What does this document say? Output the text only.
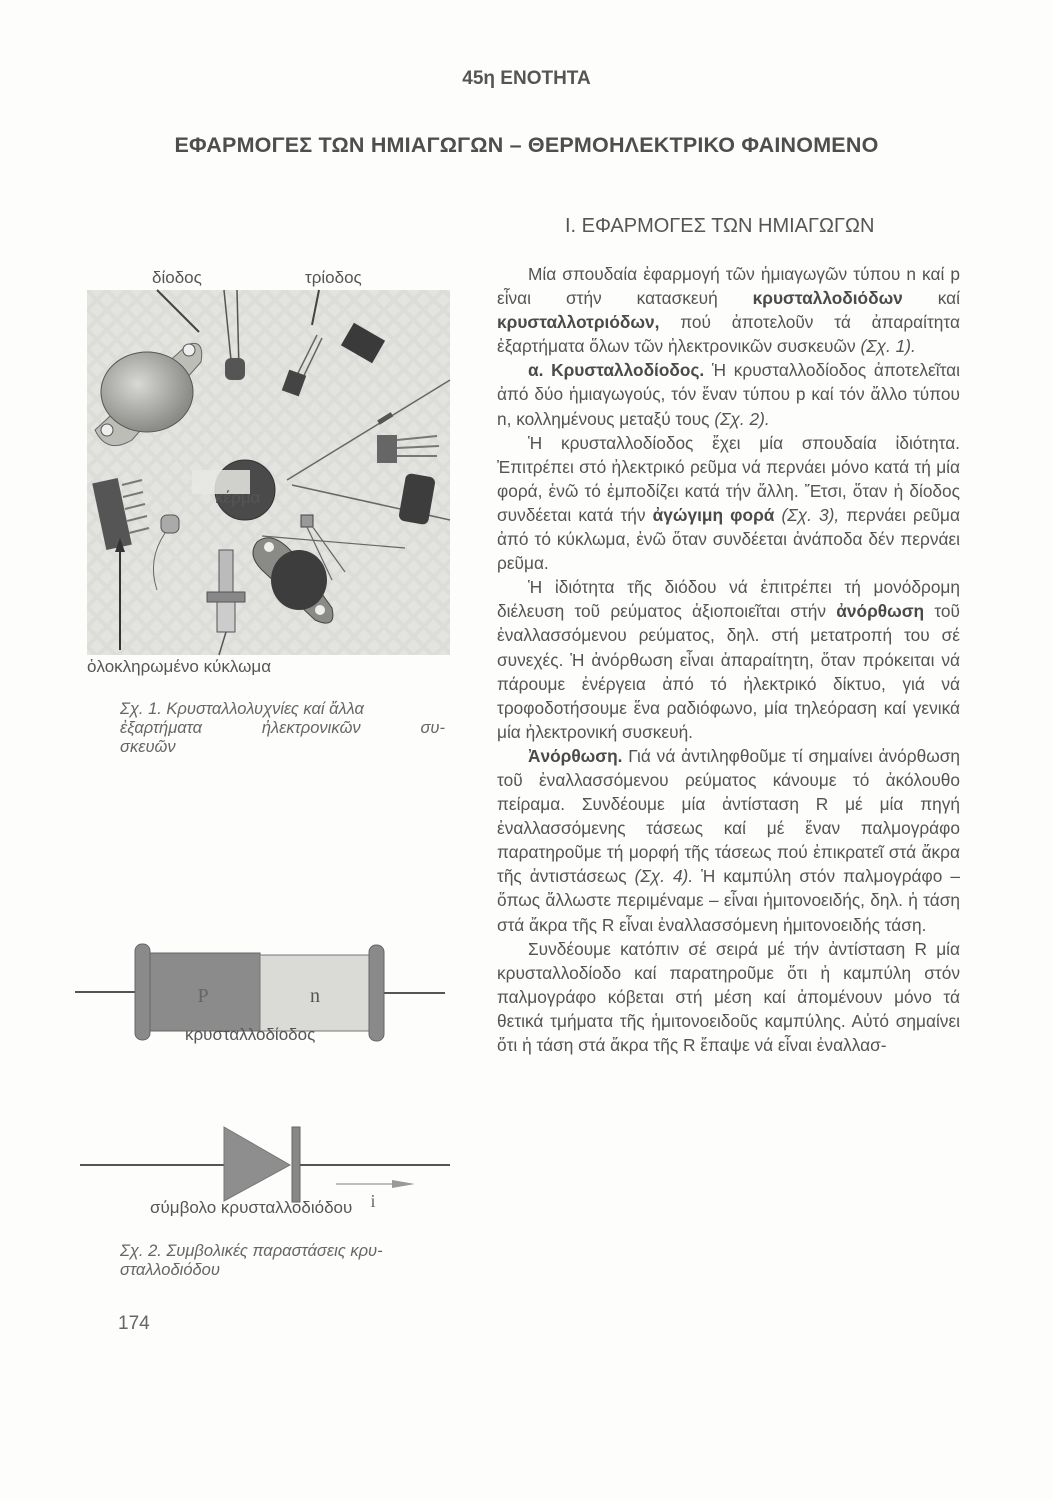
45η ΕΝΟΤΗΤΑ
ΕΦΑΡΜΟΓΕΣ ΤΩΝ ΗΜΙΑΓΩΓΩΝ – ΘΕΡΜΟΗΛΕΚΤΡΙΚΟ ΦΑΙΝΟΜΕΝΟ
Ι. ΕΦΑΡΜΟΓΕΣ ΤΩΝ ΗΜΙΑΓΩΓΩΝ
δίοδος	τρίοδος
κέρμα
ὁλοκληρωμένο κύκλωμα
Σχ. 1. Κρυσταλλολυχνίες καί ἄλλα
ἐξαρτήματα ἠλεκτρονικῶν συ-
σκευῶν
P	n
κρυσταλλοδίοδος
i
σύμβολο κρυσταλλοδιόδου
Σχ. 2. Συμβολικές παραστάσεις κρυ-
σταλλοδιόδου

Μία σπουδαία ἐφαρμογή τῶν ἡμιαγωγῶν τύπου n καί p εἶναι στήν κατασκευή κρυσταλλοδιόδων καί κρυσταλλοτριόδων, πού ἀποτελοῦν τά ἀπαραίτητα ἐξαρτήματα ὅλων τῶν ἠλεκτρονικῶν συσκευῶν (Σχ. 1).

α. Κρυσταλλοδίοδος. Ἡ κρυσταλλοδίοδος ἀποτελεῖται ἀπό δύο ἡμιαγωγούς, τόν ἕναν τύπου p καί τόν ἄλλο τύπου n, κολλημένους μεταξύ τους (Σχ. 2).

Ἡ κρυσταλλοδίοδος ἔχει μία σπουδαία ἰδιότητα. Ἐπιτρέπει στό ἠλεκτρικό ρεῦμα νά περνάει μόνο κατά τή μία φορά, ἐνῶ τό ἐμποδίζει κατά τήν ἄλλη. Ἔτσι, ὅταν ἡ δίοδος συνδέεται κατά τήν ἀγώγιμη φορά (Σχ. 3), περνάει ρεῦμα ἀπό τό κύκλωμα, ἐνῶ ὅταν συνδέεται ἀνάποδα δέν περνάει ρεῦμα.

Ἡ ἰδιότητα τῆς διόδου νά ἐπιτρέπει τή μονόδρομη διέλευση τοῦ ρεύματος ἀξιοποιεῖται στήν ἀνόρθωση τοῦ ἐναλλασσόμενου ρεύματος, δηλ. στή μετατροπή του σέ συνεχές. Ἡ ἀνόρθωση εἶναι ἀπαραίτητη, ὅταν πρόκειται νά πάρουμε ἐνέργεια ἀπό τό ἠλεκτρικό δίκτυο, γιά νά τροφοδοτήσουμε ἕνα ραδιόφωνο, μία τηλεόραση καί γενικά μία ἠλεκτρονική συσκευή.

Ἀνόρθωση. Γιά νά ἀντιληφθοῦμε τί σημαίνει ἀνόρθωση τοῦ ἐναλλασσόμενου ρεύματος κάνουμε τό ἀκόλουθο πείραμα. Συνδέουμε μία ἀντίσταση R μέ μία πηγή ἐναλλασσόμενης τάσεως καί μέ ἕναν παλμογράφο παρατηροῦμε τή μορφή τῆς τάσεως πού ἐπικρατεῖ στά ἄκρα τῆς ἀντιστάσεως (Σχ. 4). Ἡ καμπύλη στόν παλμογράφο – ὅπως ἄλλωστε περιμέναμε – εἶναι ἡμιτονοειδής, δηλ. ἡ τάση στά ἄκρα τῆς R εἶναι ἐναλλασσόμενη ἡμιτονοειδής τάση.

Συνδέουμε κατόπιν σέ σειρά μέ τήν ἀντίσταση R μία κρυσταλλοδίοδο καί παρατηροῦμε ὅτι ἡ καμπύλη στόν παλμογράφο κόβεται στή μέση καί ἀπομένουν μόνο τά θετικά τμήματα τῆς ἡμιτονοειδοῦς καμπύλης. Αὐτό σημαίνει ὅτι ἡ τάση στά ἄκρα τῆς R ἔπαψε νά εἶναι ἐναλλασ-

174
